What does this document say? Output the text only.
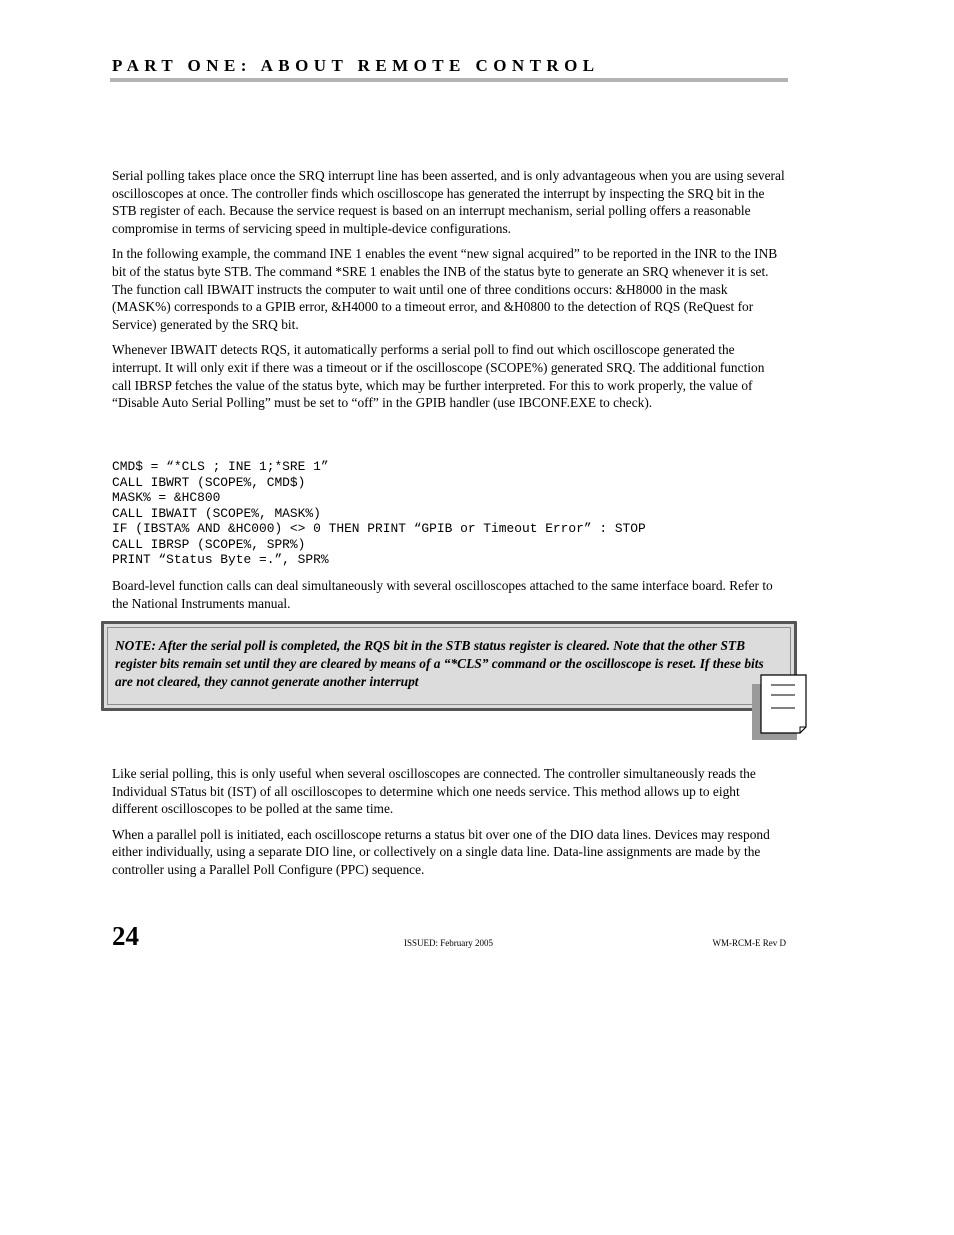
PART ONE: ABOUT REMOTE CONTROL

Serial polling takes place once the SRQ interrupt line has been asserted, and is only advantageous when you are using several oscilloscopes at once. The controller finds which oscilloscope has generated the interrupt by inspecting the SRQ bit in the STB register of each. Because the service request is based on an interrupt mechanism, serial polling offers a reasonable compromise in terms of servicing speed in multiple-device configurations.

In the following example, the command INE 1 enables the event “new signal acquired” to be reported in the INR to the INB bit of the status byte STB. The command *SRE 1 enables the INB of the status byte to generate an SRQ whenever it is set. The function call IBWAIT instructs the computer to wait until one of three conditions occurs: &H8000 in the mask (MASK%) corresponds to a GPIB error, &H4000 to a timeout error, and &H0800 to the detection of RQS (ReQuest for Service) generated by the SRQ bit.

Whenever IBWAIT detects RQS, it automatically performs a serial poll to find out which oscilloscope generated the interrupt. It will only exit if there was a timeout or if the oscilloscope (SCOPE%) generated SRQ. The additional function call IBRSP fetches the value of the status byte, which may be further interpreted. For this to work properly, the value of “Disable Auto Serial Polling” must be set to “off” in the GPIB handler (use IBCONF.EXE to check).

CMD$ = “*CLS ; INE 1;*SRE 1”
CALL IBWRT (SCOPE%, CMD$)
MASK% = &HC800
CALL IBWAIT (SCOPE%, MASK%)
IF (IBSTA% AND &HC000) <> 0 THEN PRINT “GPIB or Timeout Error” : STOP
CALL IBRSP (SCOPE%, SPR%)
PRINT “Status Byte =.”, SPR%

Board-level function calls can deal simultaneously with several oscilloscopes attached to the same interface board. Refer to the National Instruments manual.

NOTE: After the serial poll is completed, the RQS bit in the STB status register is cleared. Note that the other STB register bits remain set until they are cleared by means of a “*CLS” command or the oscilloscope is reset. If these bits are not cleared, they cannot generate another interrupt

Like serial polling, this is only useful when several oscilloscopes are connected. The controller simultaneously reads the Individual STatus bit (IST) of all oscilloscopes to determine which one needs service. This method allows up to eight different oscilloscopes to be polled at the same time.

When a parallel poll is initiated, each oscilloscope returns a status bit over one of the DIO data lines. Devices may respond either individually, using a separate DIO line, or collectively on a single data line. Data-line assignments are made by the controller using a Parallel Poll Configure (PPC) sequence.

24	ISSUED: February 2005	WM-RCM-E Rev D
